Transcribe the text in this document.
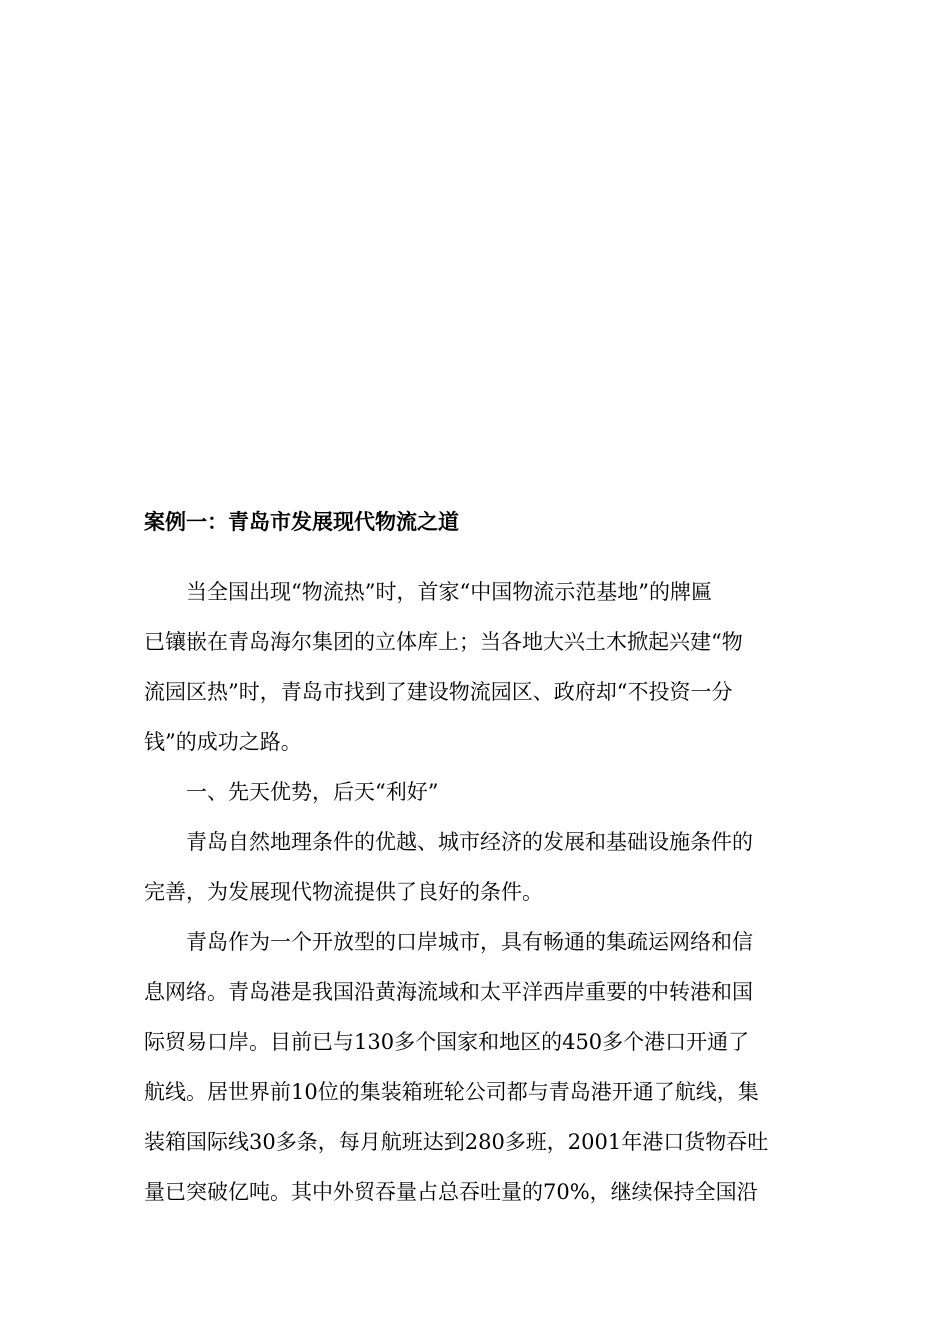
案例一：青岛市发展现代物流之道
　　当全国出现“物流热”时，首家“中国物流示范基地”的牌匾
已镶嵌在青岛海尔集团的立体库上；当各地大兴土木掀起兴建“物
流园区热”时，青岛市找到了建设物流园区、政府却“不投资一分
钱”的成功之路。
　　一、先天优势，后天“利好”
　　青岛自然地理条件的优越、城市经济的发展和基础设施条件的
完善，为发展现代物流提供了良好的条件。
　　青岛作为一个开放型的口岸城市，具有畅通的集疏运网络和信
息网络。青岛港是我国沿黄海流域和太平洋西岸重要的中转港和国
际贸易口岸。目前已与130多个国家和地区的450多个港口开通了
航线。居世界前10位的集装箱班轮公司都与青岛港开通了航线，集
装箱国际线30多条，每月航班达到280多班，2001年港口货物吞吐
量已突破亿吨。其中外贸吞量占总吞吐量的70%，继续保持全国沿
